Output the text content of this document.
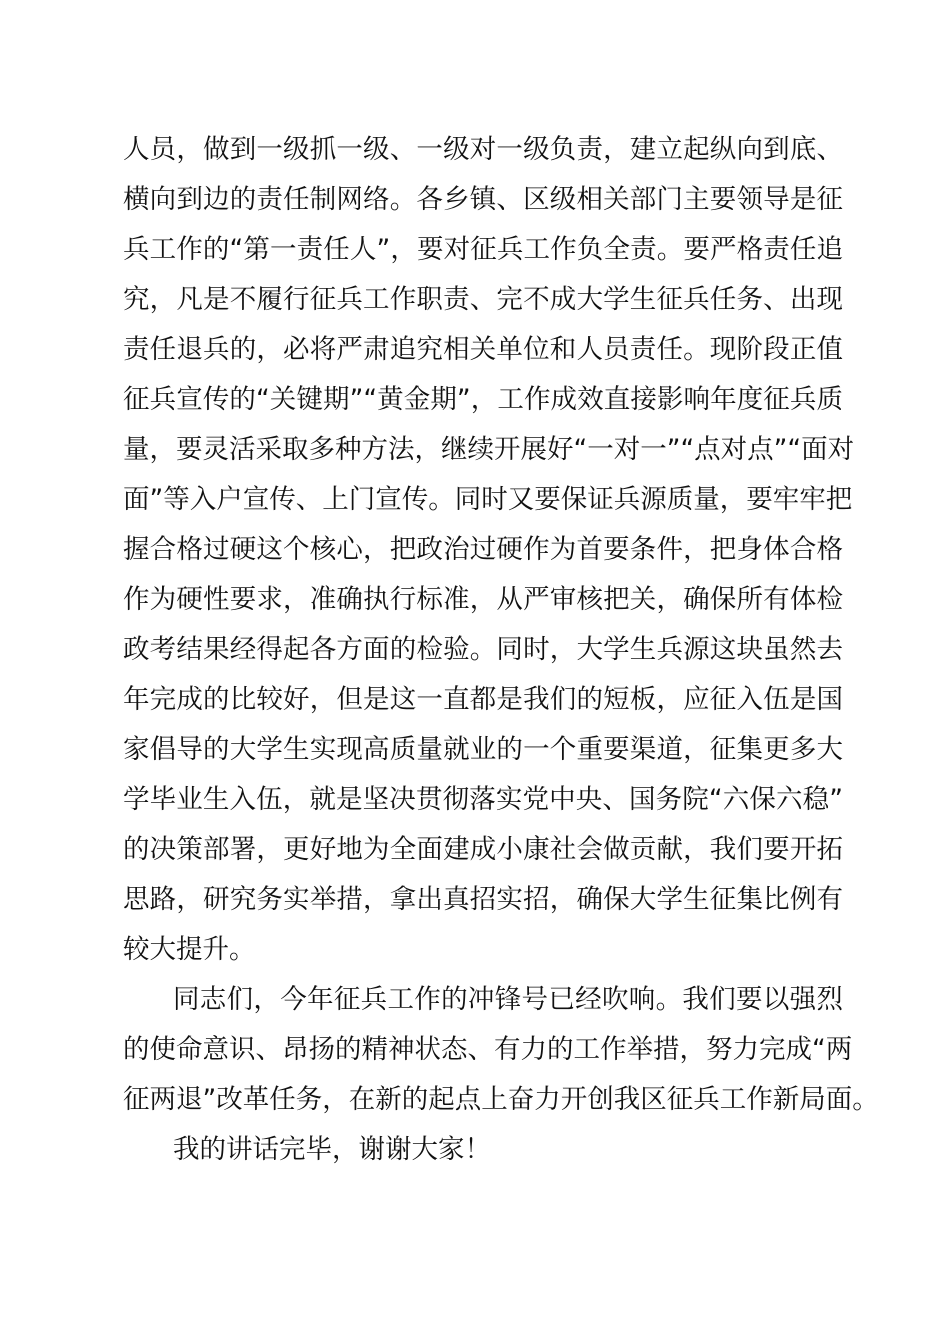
人员，做到一级抓一级、一级对一级负责，建立起纵向到底、
横向到边的责任制网络。各乡镇、区级相关部门主要领导是征
兵工作的“第一责任人”，要对征兵工作负全责。要严格责任追
究，凡是不履行征兵工作职责、完不成大学生征兵任务、出现
责任退兵的，必将严肃追究相关单位和人员责任。现阶段正值
征兵宣传的“关键期”“黄金期”，工作成效直接影响年度征兵质
量，要灵活采取多种方法，继续开展好“一对一”“点对点”“面对
面”等入户宣传、上门宣传。同时又要保证兵源质量，要牢牢把
握合格过硬这个核心，把政治过硬作为首要条件，把身体合格
作为硬性要求，准确执行标准，从严审核把关，确保所有体检
政考结果经得起各方面的检验。同时，大学生兵源这块虽然去
年完成的比较好，但是这一直都是我们的短板，应征入伍是国
家倡导的大学生实现高质量就业的一个重要渠道，征集更多大
学毕业生入伍，就是坚决贯彻落实党中央、国务院“六保六稳”
的决策部署，更好地为全面建成小康社会做贡献，我们要开拓
思路，研究务实举措，拿出真招实招，确保大学生征集比例有
较大提升。
同志们，今年征兵工作的冲锋号已经吹响。我们要以强烈
的使命意识、昂扬的精神状态、有力的工作举措，努力完成“两
征两退”改革任务，在新的起点上奋力开创我区征兵工作新局面。
我的讲话完毕，谢谢大家！
